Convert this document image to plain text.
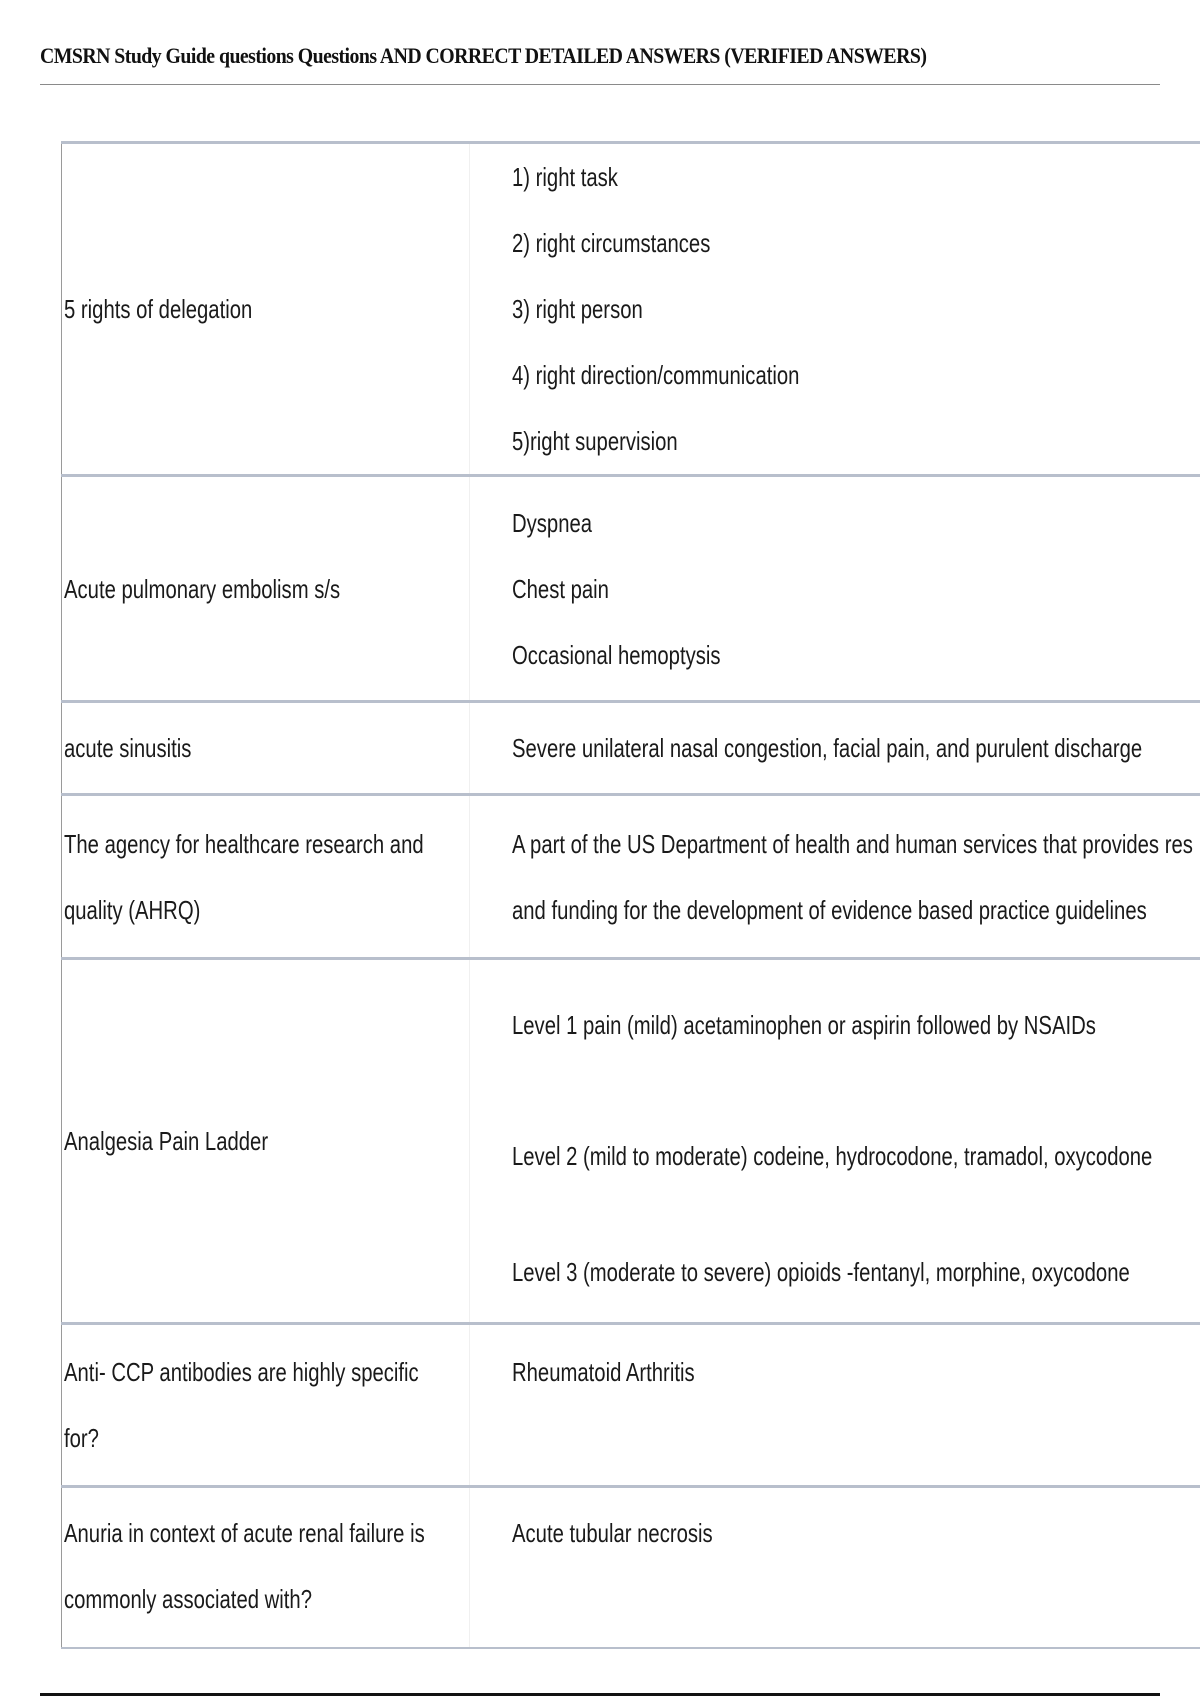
CMSRN Study Guide questions Questions AND CORRECT DETAILED ANSWERS (VERIFIED ANSWERS)
5 rights of delegation	1) right task
2) right circumstances
3) right person
4) right direction/communication
5)right supervision

Acute pulmonary embolism s/s	Dyspnea
Chest pain
Occasional hemoptysis

acute sinusitis	Severe unilateral nasal congestion, facial pain, and purulent discharge

The agency for healthcare research and
quality (AHRQ)	A part of the US Department of health and human services that provides res
and funding for the development of evidence based practice guidelines

Analgesia Pain Ladder	Level 1 pain (mild) acetaminophen or aspirin followed by NSAIDs
Level 2 (mild to moderate) codeine, hydrocodone, tramadol, oxycodone
Level 3 (moderate to severe) opioids -fentanyl, morphine, oxycodone

Anti- CCP antibodies are highly specific
for?	Rheumatoid Arthritis

Anuria in context of acute renal failure is
commonly associated with?	Acute tubular necrosis
